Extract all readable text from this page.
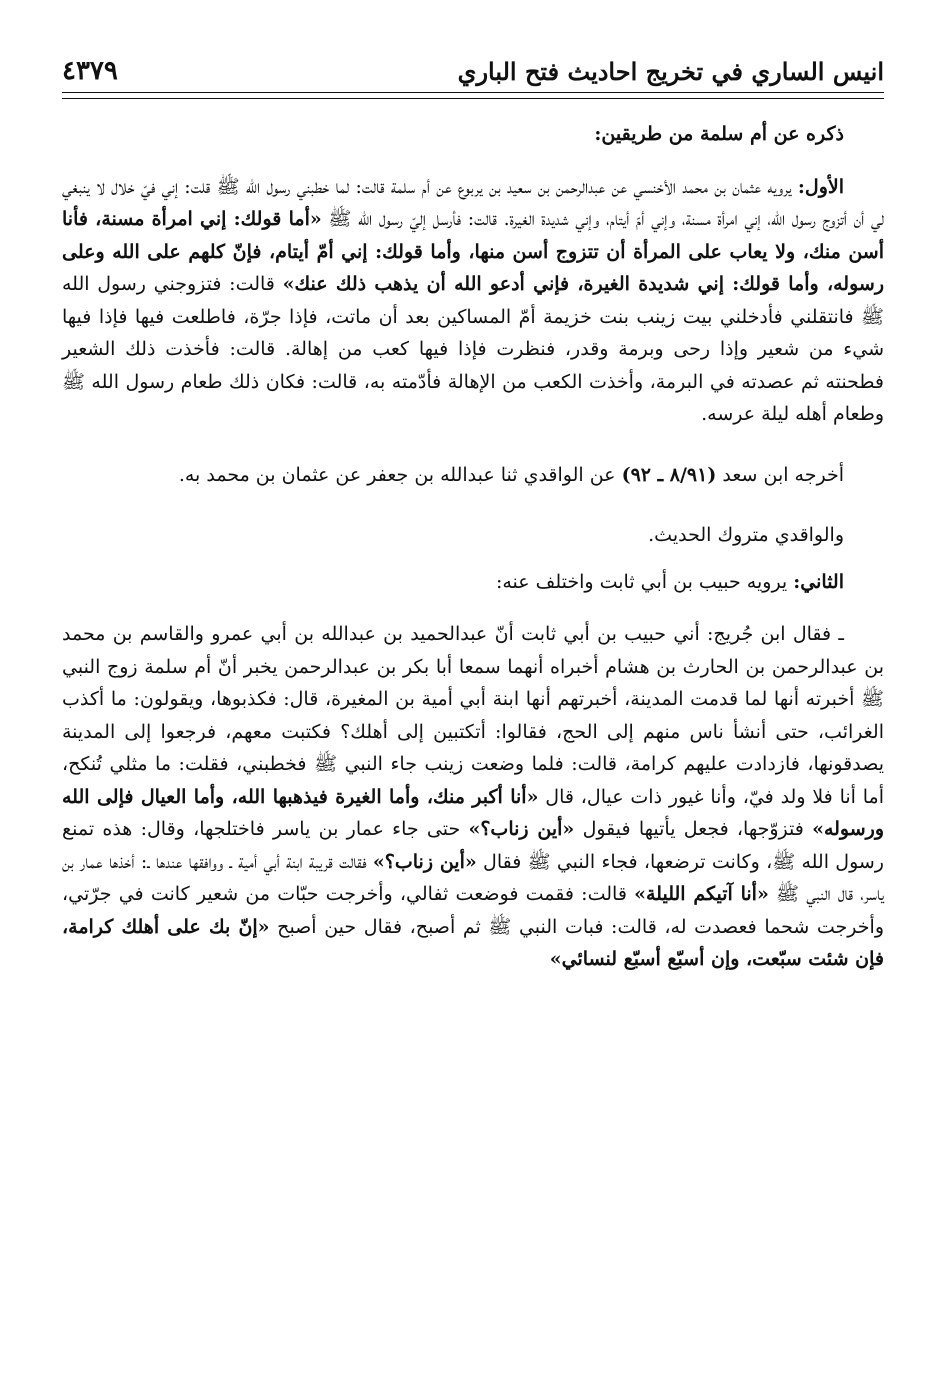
انيس الساري في تخريج احاديث فتح الباري
٤٣٧٩

ذكره عن أم سلمة من طريقين:

الأول: يرويه عثمان بن محمد الأخنسي عن عبدالرحمن بن سعيد بن يربوع عن أم سلمة قالت: لما خطبني رسول الله ﷺ قلت: إني فيّ خلال لا ينبغي لي أن أتزوج رسول الله، إني امرأة مسنة، وإني أمّ أيتام، وإني شديدة الغيرة. قالت: فأرسل إليّ رسول الله ﷺ «أما قولك: إني امرأة مسنة، فأنا أسن منك، ولا يعاب على المرأة أن تتزوج أسن منها، وأما قولك: إني أمّ أيتام، فإنّ كلهم على الله وعلى رسوله، وأما قولك: إني شديدة الغيرة، فإني أدعو الله أن يذهب ذلك عنك» قالت: فتزوجني رسول الله ﷺ فانتقلني فأدخلني بيت زينب بنت خزيمة أمّ المساكين بعد أن ماتت، فإذا جرّة، فاطلعت فيها فإذا فيها شيء من شعير وإذا رحى وبرمة وقدر، فنظرت فإذا فيها كعب من إهالة. قالت: فأخذت ذلك الشعير فطحنته ثم عصدته في البرمة، وأخذت الكعب من الإهالة فأدّمته به، قالت: فكان ذلك طعام رسول الله ﷺ وطعام أهله ليلة عرسه.

أخرجه ابن سعد (٨/٩١ ـ ٩٢) عن الواقدي ثنا عبدالله بن جعفر عن عثمان بن محمد به.

والواقدي متروك الحديث.

الثاني: يرويه حبيب بن أبي ثابت واختلف عنه:

ـ فقال ابن جُريج: أني حبيب بن أبي ثابت أنّ عبدالحميد بن عبدالله بن أبي عمرو والقاسم بن محمد بن عبدالرحمن بن الحارث بن هشام أخبراه أنهما سمعا أبا بكر بن عبدالرحمن يخبر أنّ أم سلمة زوج النبي ﷺ أخبرته أنها لما قدمت المدينة، أخبرتهم أنها ابنة أبي أمية بن المغيرة، قال: فكذبوها، ويقولون: ما أكذب الغرائب، حتى أنشأ ناس منهم إلى الحج، فقالوا: أتكتبين إلى أهلك؟ فكتبت معهم، فرجعوا إلى المدينة يصدقونها، فازدادت عليهم كرامة، قالت: فلما وضعت زينب جاء النبي ﷺ فخطبني، فقلت: ما مثلي تُنكح، أما أنا فلا ولد فيّ، وأنا غيور ذات عيال، قال «أنا أكبر منك، وأما الغيرة فيذهبها الله، وأما العيال فإلى الله ورسوله» فتزوّجها، فجعل يأتيها فيقول «أين زناب؟» حتى جاء عمار بن ياسر فاختلجها، وقال: هذه تمنع رسول الله ﷺ، وكانت ترضعها، فجاء النبي ﷺ فقال «أين زناب؟» فقالت قريبة ابنة أبي أمية ـ ووافقها عندها ـ: أخذها عمار بن ياسر، قال النبي ﷺ «أنا آتيكم الليلة» قالت: فقمت فوضعت ثفالي، وأخرجت حبّات من شعير كانت في جرّتي، وأخرجت شحما فعصدت له، قالت: فبات النبي ﷺ ثم أصبح، فقال حين أصبح «إنّ بك على أهلك كرامة، فإن شئت سبّعت، وإن أسبّع أسبّع لنسائي»
